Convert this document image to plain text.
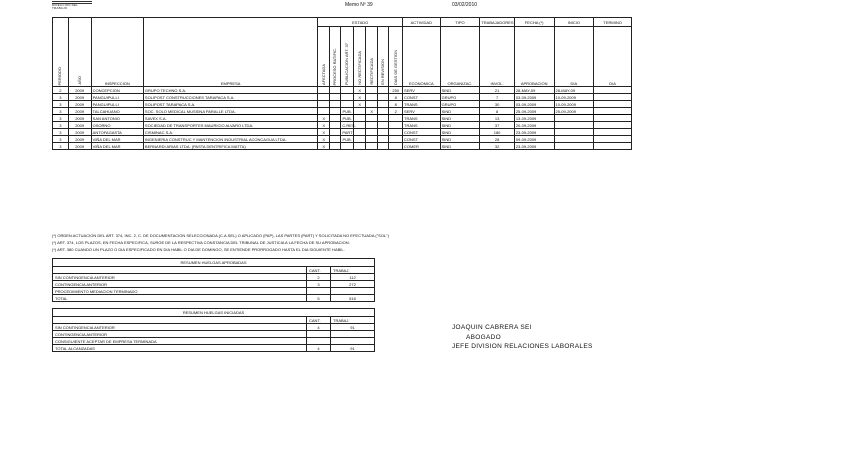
DIRECCION DEL TRABAJO	Memo Nº 39	03/02/2010
PERIODO	AÑO	INSPECCION	EMPRESA	ESTADO							ACTIVIDAD	TIPO	TRABAJADORES	FECHA (*)	INICIO	TERMINO
				AFECTADA	PROCESO RATIFIC.	PUBLICACION ART. 37	NO RECTIFICADA	RECTIFICADA	EN REVISION	DIAS DE GESTION	ECONOMICA	ORGANIZAC.	INVOL.	APROBACION	DIA	DIA
2	2009	CONCEPCION	GRUPO TECHNO S.A.				X			250	SERV	SIND	21	28-MAY-09	28-MAY-09	
3	2009	PANGUIPULLI	SOLIPOST CONSTRUCCIONES TARAPACA S.A.				X			8	CONST	GRUPO	7	03-09-2009	10-09-2009	
3	2009	PANGUIPULLI	SOLIPOST TARAPACA S.A.				X			8	TRANS	GRUPO	30	03-09-2009	10-09-2009	
3	2009	TALCAHUANO	SOC. SOLO MEDICAL MUSSINA PARALLE LTDA.			PUB.		X		2	SERV	SIND	8	25-09-2009	25-09-2009	
3	2009	SAN ANTONIO	SAVEX S.A.	X		PUB.					TRANS	SIND	13	13-09-2009		
3	2009	OSORNO	SOCIEDAD DE TRANSPORTES MAURICIO ALVARO LTDA.	X		C.RES.					TRANS	SIND	37	20-09-2009		
3	2009	ANTOFAGASTA	CISMINAC S.A.	X		PART					CONST	SIND	180	23-09-2009		
3	2009	VIÑA DEL MAR	INGENIERIA CONSTRUC Y MANTENCION INDUSTRIAL ACONCAGUA LTDA.	X		PUB.					CONST	SIND	28	09-09-2009		
3	2009	VIÑA DEL MAR	BERNARDI ARIAS LTDA. (PASTA DENTRIFICA MATTA)	X							COMER	SIND	32	23-09-2009		
(*) ORDEN ACTUACION DEL ART. 374, INC. 2, C. DE DOCUMENTACION SELECCIONADA (C.A.SEL) O APLICADO (PAP), LAS PARTES (PART) Y SOLICITADA NO EFECTUADA ("SOL")
(*) ART. 374, LOS PLAZOS, EN FECHA ESPECIFICA, SURGE DE LA RESPECTIVA CONSTANCIA DEL TRIBUNAL DE JUSTICIA A LA FECHA DE SU APROBACION.
(*) ART. 380 CUANDO UN PLAZO O DIA ESPECIFICADO EN DIA HABIL O DIA DE DOMINGO, SE ENTIENDE PRORROGADO HASTA EL DIA SIGUIENTE HABIL.
RESUMEN HUELGAS APROBADAS		
	CANT.	TRABAJ.
SIN CONTINGENCIA ANTERIOR	2	112
CONTINGENCIA ANTERIOR	3	272
PROCEDIMIENTO MEDIACION TERMINADO		
TOTAL	5	516
RESUMEN HUELGAS INICIADAS		
	CANT.	TRABAJ.
SIN CONTINGENCIA ANTERIOR	4	91
CONTINGENCIA ANTERIOR		
CONSIGUIENTE ACEPTAR DE EMPRESA TERMINADA		
TOTAL ALCANZADAS	4	91
JOAQUIN CABRERA SEI
ABOGADO
JEFE DIVISION RELACIONES LABORALES
